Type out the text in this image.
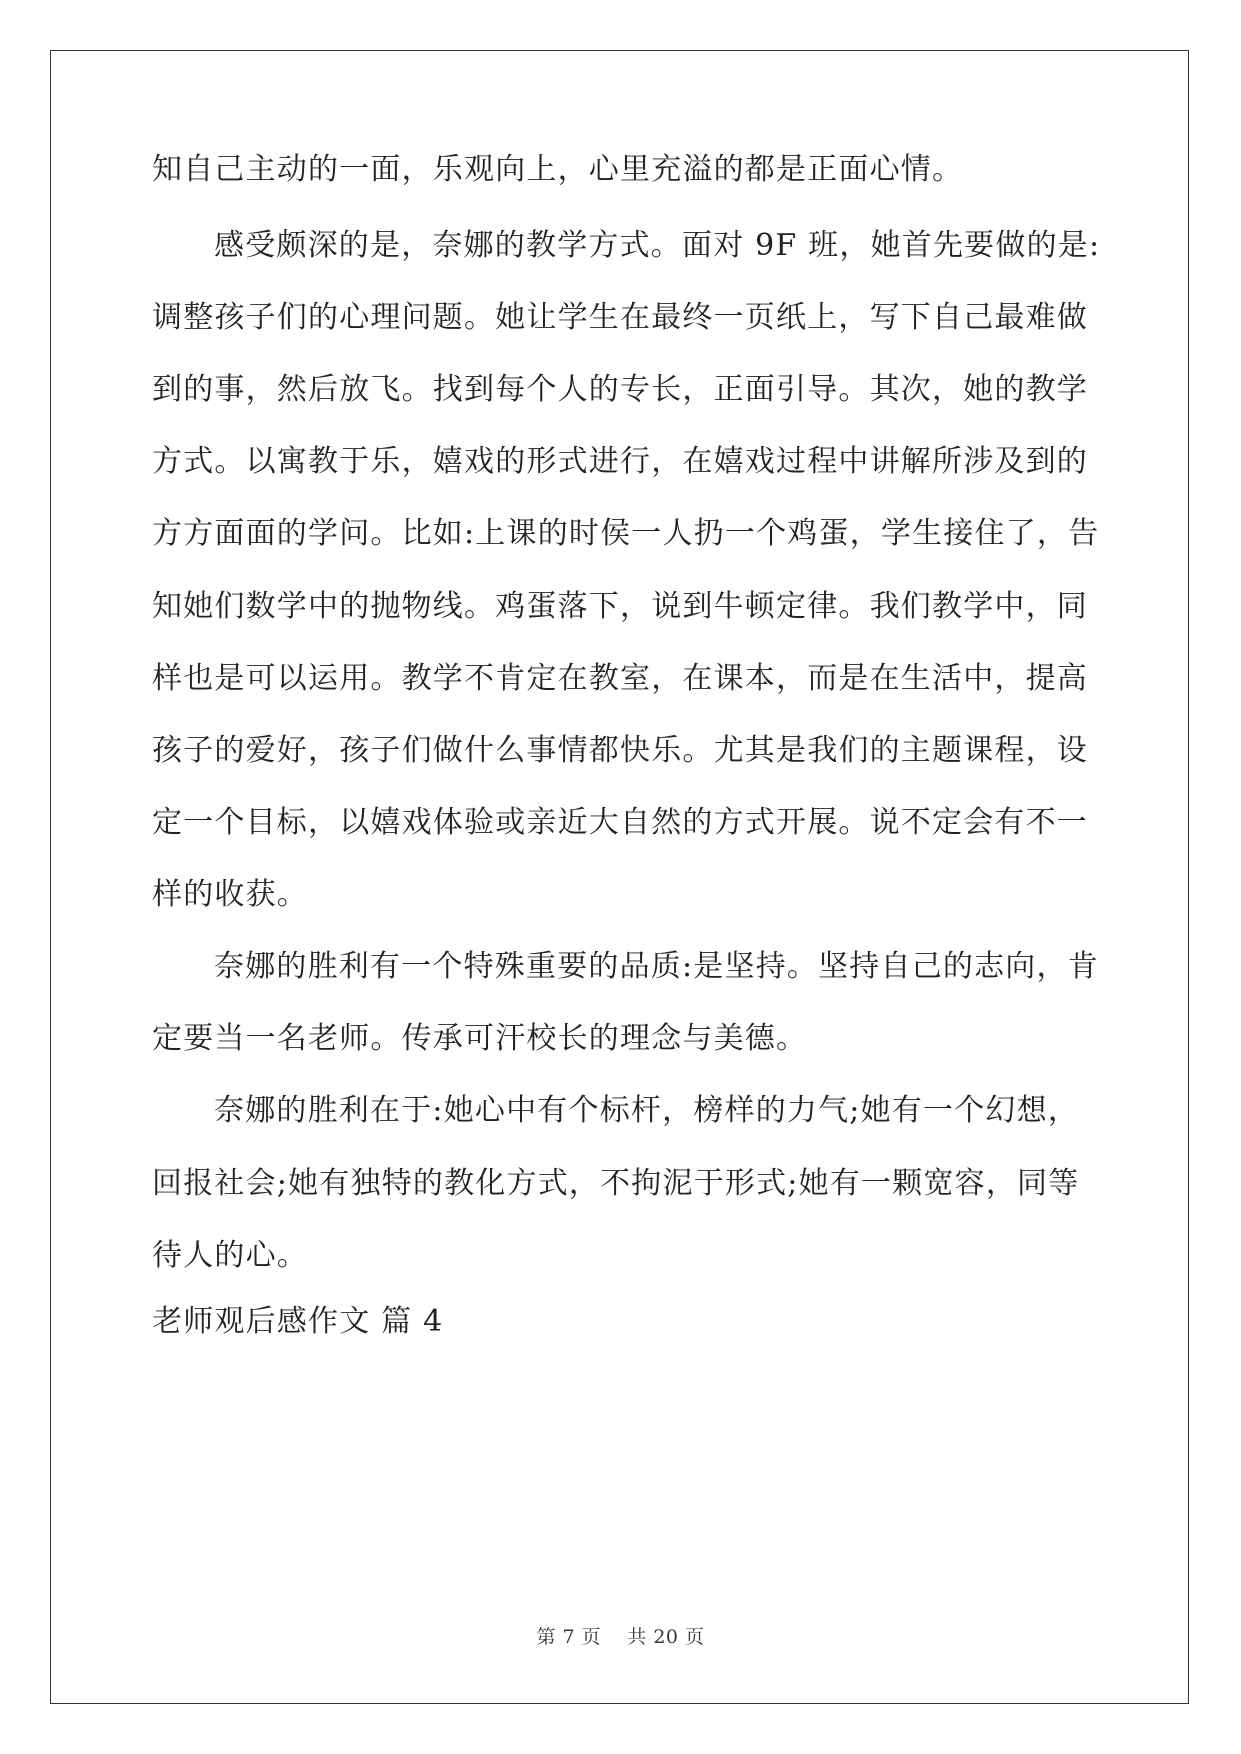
知自己主动的一面，乐观向上，心里充溢的都是正面心情。
感受颇深的是，奈娜的教学方式。面对 9F 班，她首先要做的是:
调整孩子们的心理问题。她让学生在最终一页纸上，写下自己最难做
到的事，然后放飞。找到每个人的专长，正面引导。其次，她的教学
方式。以寓教于乐，嬉戏的形式进行，在嬉戏过程中讲解所涉及到的
方方面面的学问。比如:上课的时侯一人扔一个鸡蛋，学生接住了，告
知她们数学中的抛物线。鸡蛋落下，说到牛顿定律。我们教学中，同
样也是可以运用。教学不肯定在教室，在课本，而是在生活中，提高
孩子的爱好，孩子们做什么事情都快乐。尤其是我们的主题课程，设
定一个目标，以嬉戏体验或亲近大自然的方式开展。说不定会有不一
样的收获。
奈娜的胜利有一个特殊重要的品质:是坚持。坚持自己的志向，肯
定要当一名老师。传承可汗校长的理念与美德。
奈娜的胜利在于:她心中有个标杆，榜样的力气;她有一个幻想，
回报社会;她有独特的教化方式，不拘泥于形式;她有一颗宽容，同等
待人的心。
老师观后感作文 篇 4
第 7 页    共 20 页
